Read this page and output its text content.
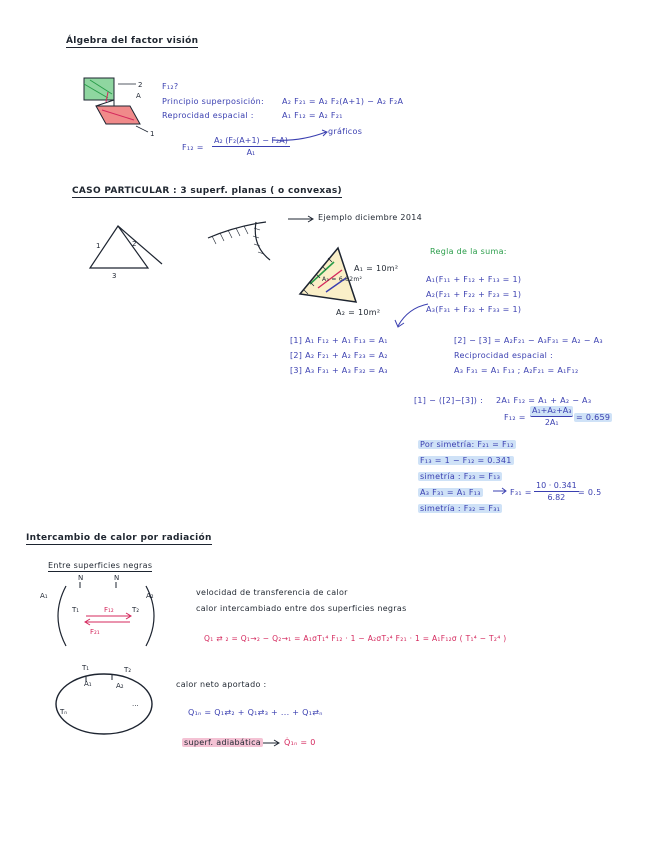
Álgebra del factor visión
A
2
1
F₁₂?
Principio superposición: A₂ F₂₁ = A₂ F₂(A+1) − A₂ F₂A
Reprocidad espacial :	A₁ F₁₂ = A₂ F₂₁
gráficos
$F_{12} = \frac{\text{A₂ (F₂(A+1) − F₂A)}}{\text{A₁}}$
CASO PARTICULAR : 3 superf. planas ( o convexas)
1	2
3
Ejemplo diciembre 2014
A₁ = 10m²
A₃ = 6.82m²
A₂ = 10m²
Regla de la suma:
A₁(F₁₁ + F₁₂ + F₁₃ = 1)
A₂(F₂₁ + F₂₂ + F₂₃ = 1)
A₃(F₃₁ + F₃₂ + F₃₃ = 1)
[1] A₁ F₁₂ + A₁ F₁₃ = A₁
[2] A₂ F₂₁ + A₂ F₂₃ = A₂
[3] A₃ F₃₁ + A₃ F₃₂ = A₃
[2] − [3] = A₂F₂₁ − A₃F₃₁ = A₂ − A₃
Reciprocidad espacial :
A₃ F₃₁ = A₁ F₁₃ ; A₂F₂₁ = A₁F₁₂
[1] − ([2]−[3]) : 2A₁ F₁₂ = A₁ + A₂ − A₃
$F_{12} = \frac{\text{A₁+A₂+A₃}}{\text{2A₁}} = 0.659$
Por simetría: F₂₁ = F₁₂
F₁₃ = 1 − F₁₂ = 0.341
simetría : F₂₃ = F₁₃
A₃ F₃₁ = A₁ F₁₃	$F_{31} = \frac{10 \cdot 0.341}{6.82} = 0.5$
simetría : F₃₂ = F₃₁
Intercambio de calor por radiación
Entre superficies negras
N	N
A₁	A₂
T₁	T₂
F₁₂
F₂₁
velocidad de transferencia de calor
calor intercambiado entre dos superficies negras
Q₁ ⇄ ₂ = Q₁→₂ − Q₂→₁ = A₁σT₁⁴ F₁₂ · 1 − A₂σT₂⁴ F₂₁ · 1 = A₁F₁₂σ ( T₁⁴ − T₂⁴ )
T₁	T₂
A₁	A₂
Tₙ
...
calor neto aportado :
Q₁ₙ = Q₁⇄₂ + Q₁⇄₃ + ... + Q₁⇄ₙ
superf. adiabática	Q̇₁ₙ = 0
